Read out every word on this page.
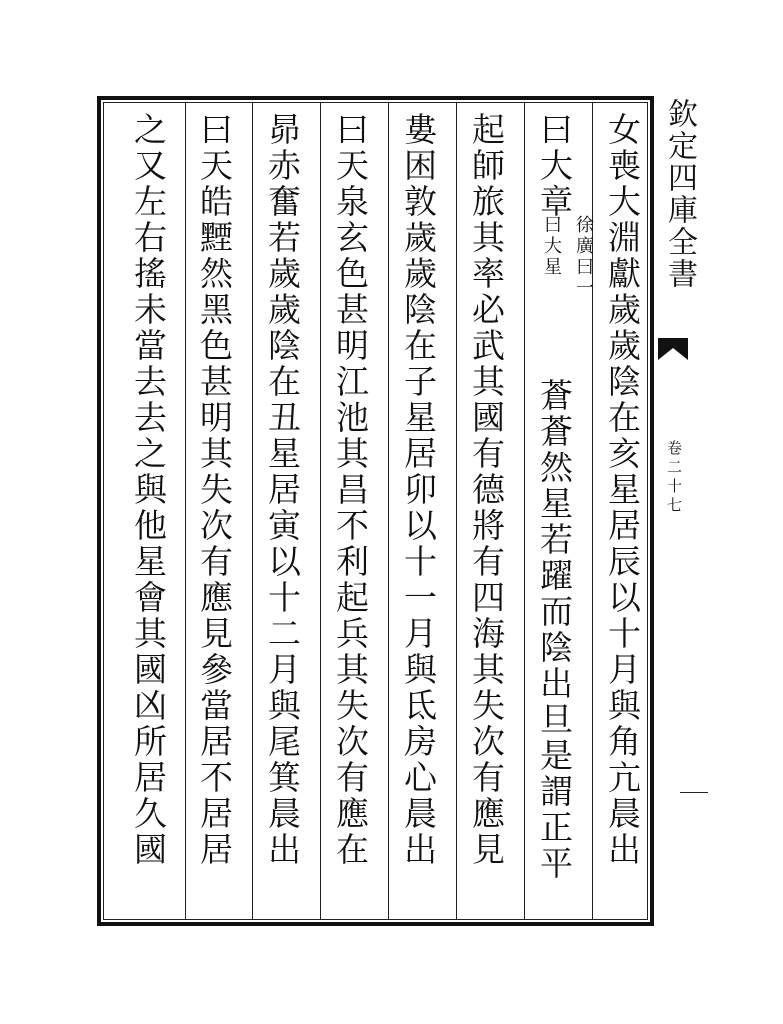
欽定四庫全書
卷二十七
女喪大淵獻歲歲陰在亥星居辰以十月與角亢晨出
曰大章
徐廣曰一
曰大星
蒼蒼然星若躍而陰出旦是謂正平
起師旅其率必武其國有德將有四海其失次有應見
婁困敦歲歲陰在子星居卯以十一月與氐房心晨出
曰天泉玄色甚明江池其昌不利起兵其失次有應在
昴赤奮若歲歲陰在丑星居寅以十二月與尾箕晨出
曰天皓黫然黑色甚明其失次有應見參當居不居居
之又左右搖未當去去之與他星會其國凶所居久國
